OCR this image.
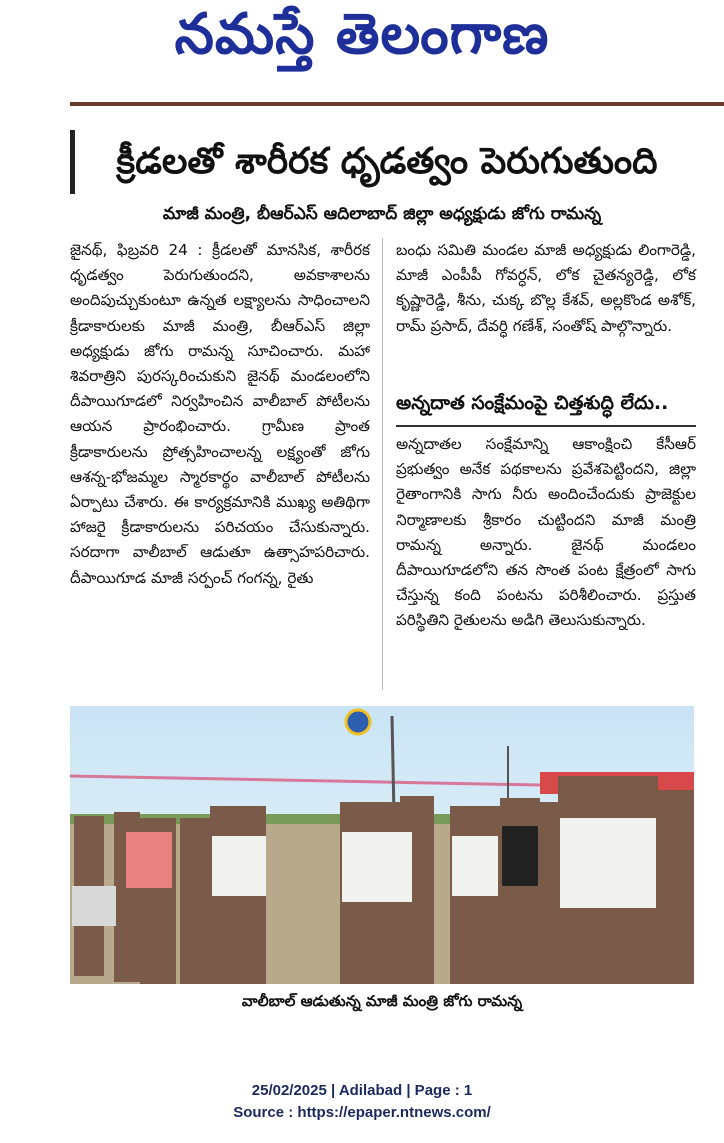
నమస్తే తెలంగాణ
క్రీడలతో శారీరక ధృడత్వం పెరుగుతుంది
మాజీ మంత్రి, బీఆర్ఎస్ ఆదిలాబాద్ జిల్లా అధ్యక్షుడు జోగు రామన్న
జైనథ్, ఫిబ్రవరి 24 : క్రీడలతో మానసిక, శారీరక ధృడత్వం పెరుగుతుందని, అవకాశాలను అందిపుచ్చుకుంటూ ఉన్నత లక్ష్యాలను సాధించాలని క్రీడాకారులకు మాజీ మంత్రి, బీఆర్ఎస్ జిల్లా అధ్యక్షుడు జోగు రామన్న సూచించారు. మహా శివరాత్రిని పురస్కరించుకుని జైనథ్ మండలంలోని దీపాయిగూడలో నిర్వహించిన వాలీబాల్ పోటీలను ఆయన ప్రారంభించారు. గ్రామీణ ప్రాంత క్రీడాకారులను ప్రోత్సహించాలన్న లక్ష్యంతో జోగు ఆశన్న-భోజమ్మల స్మారకార్థం వాలీబాల్ పోటీలను ఏర్పాటు చేశారు. ఈ కార్యక్రమానికి ముఖ్య అతిథిగా హాజరై క్రీడాకారులను పరిచయం చేసుకున్నారు. సరదాగా వాలీబాల్ ఆడుతూ ఉత్సాహపరిచారు. దీపాయిగూడ మాజీ సర్పంచ్ గంగన్న, రైతు
బంధు సమితి మండల మాజీ అధ్యక్షుడు లింగారెడ్డి, మాజీ ఎంపీపీ గోవర్ధన్, లోక చైతన్యరెడ్డి, లోక కృష్ణారెడ్డి, శీను, చుక్క బొల్ల కేశవ్, అల్లకొండ అశోక్, రామ్ ప్రసాద్, దేవర్ధి గణేశ్, సంతోష్ పాల్గొన్నారు.
అన్నదాత సంక్షేమంపై చిత్తశుద్ధి లేదు..
అన్నదాతల సంక్షేమాన్ని ఆకాంక్షించి కేసీఆర్ ప్రభుత్వం అనేక పథకాలను ప్రవేశపెట్టిందని, జిల్లా రైతాంగానికి సాగు నీరు అందించేందుకు ప్రాజెక్టుల నిర్మాణాలకు శ్రీకారం చుట్టిందని మాజీ మంత్రి రామన్న అన్నారు. జైనథ్ మండలం దీపాయిగూడలోని తన సొంత పంట క్షేత్రంలో సాగు చేస్తున్న కంది పంటను పరిశీలించారు. ప్రస్తుత పరిస్థితిని రైతులను అడిగి తెలుసుకున్నారు.
వాలీబాల్ ఆడుతున్న మాజీ మంత్రి జోగు రామన్న
25/02/2025 | Adilabad | Page : 1
Source : https://epaper.ntnews.com/
